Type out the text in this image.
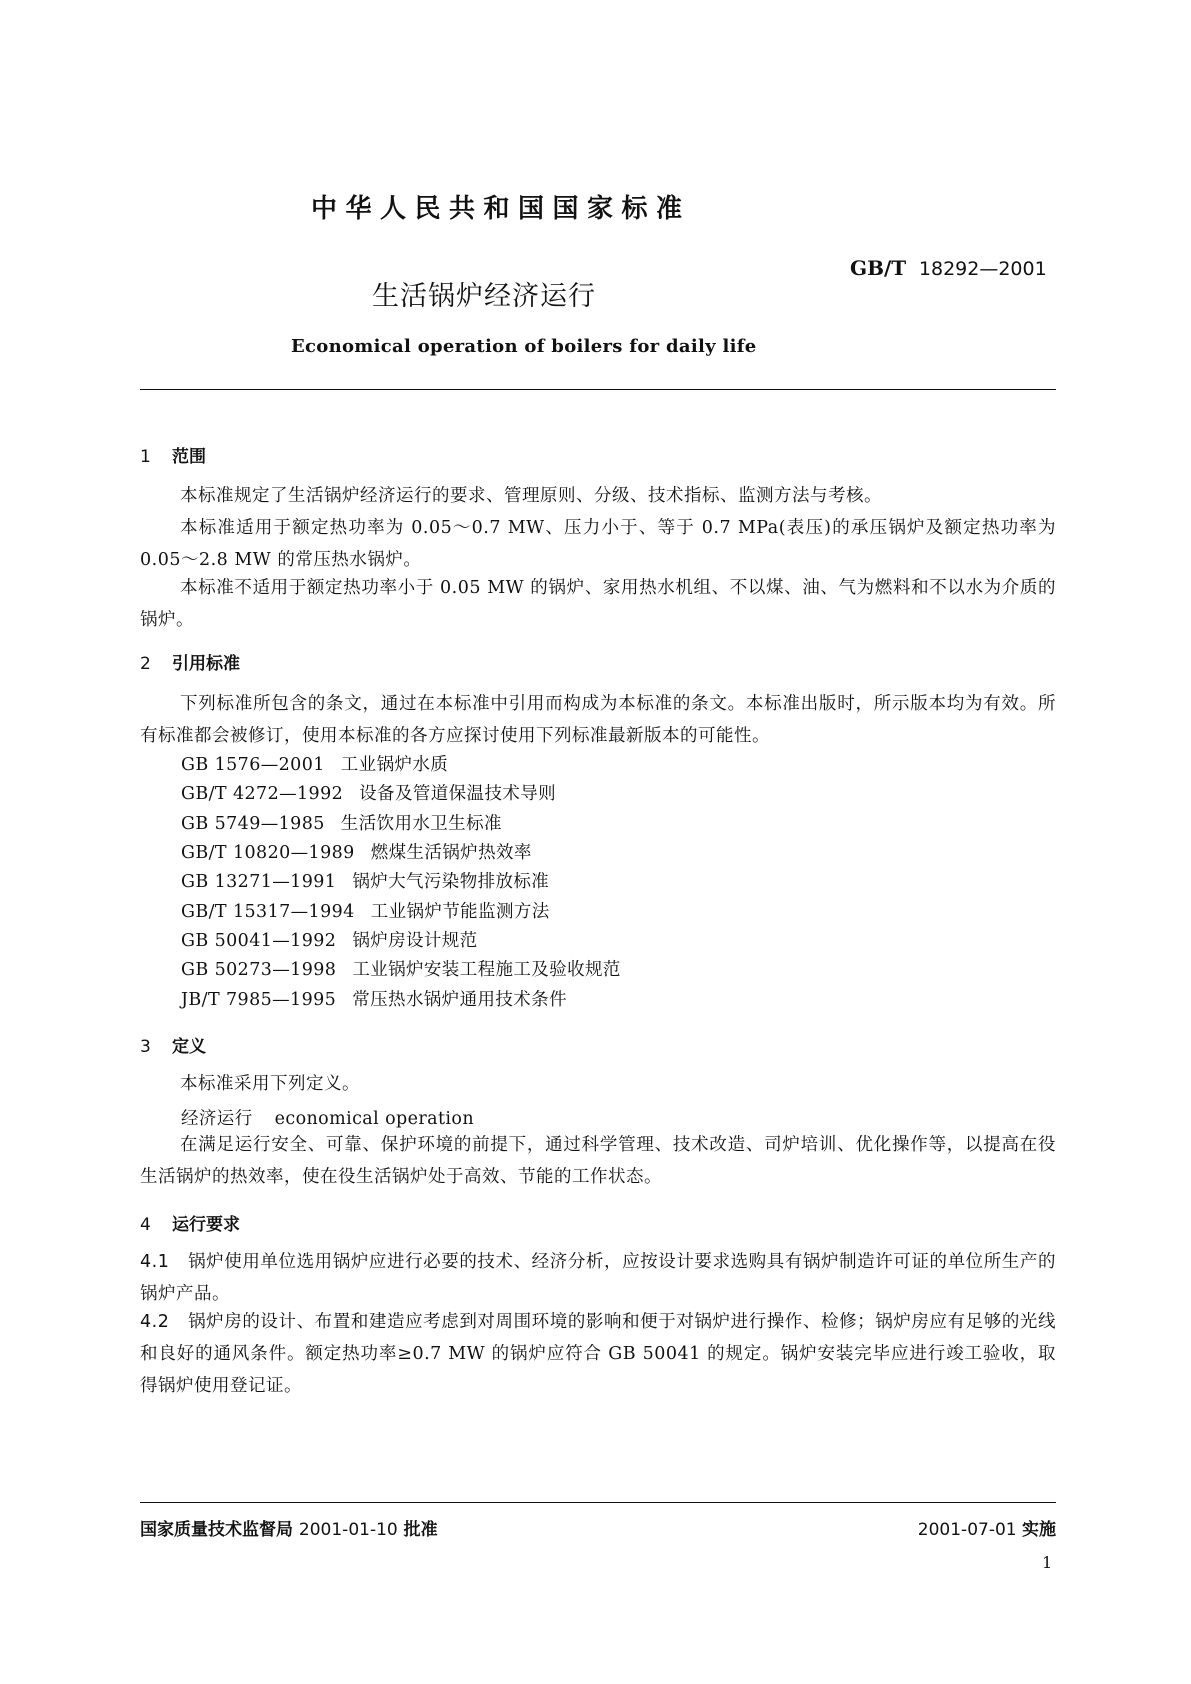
中华人民共和国国家标准
GB/T 18292—2001
生活锅炉经济运行
Economical operation of boilers for daily life
1 范围
本标准规定了生活锅炉经济运行的要求、管理原则、分级、技术指标、监测方法与考核。
本标准适用于额定热功率为 0.05～0.7 MW、压力小于、等于 0.7 MPa(表压)的承压锅炉及额定热功率为 0.05～2.8 MW 的常压热水锅炉。
本标准不适用于额定热功率小于 0.05 MW 的锅炉、家用热水机组、不以煤、油、气为燃料和不以水为介质的锅炉。
2 引用标准
下列标准所包含的条文，通过在本标准中引用而构成为本标准的条文。本标准出版时，所示版本均为有效。所有标准都会被修订，使用本标准的各方应探讨使用下列标准最新版本的可能性。
GB 1576—2001 工业锅炉水质
GB/T 4272—1992 设备及管道保温技术导则
GB 5749—1985 生活饮用水卫生标准
GB/T 10820—1989 燃煤生活锅炉热效率
GB 13271—1991 锅炉大气污染物排放标准
GB/T 15317—1994 工业锅炉节能监测方法
GB 50041—1992 锅炉房设计规范
GB 50273—1998 工业锅炉安装工程施工及验收规范
JB/T 7985—1995 常压热水锅炉通用技术条件
3 定义
本标准采用下列定义。
经济运行 economical operation
在满足运行安全、可靠、保护环境的前提下，通过科学管理、技术改造、司炉培训、优化操作等，以提高在役生活锅炉的热效率，使在役生活锅炉处于高效、节能的工作状态。
4 运行要求
4.1 锅炉使用单位选用锅炉应进行必要的技术、经济分析，应按设计要求选购具有锅炉制造许可证的单位所生产的锅炉产品。
4.2 锅炉房的设计、布置和建造应考虑到对周围环境的影响和便于对锅炉进行操作、检修；锅炉房应有足够的光线和良好的通风条件。额定热功率≥0.7 MW 的锅炉应符合 GB 50041 的规定。锅炉安装完毕应进行竣工验收，取得锅炉使用登记证。
国家质量技术监督局 2001-01-10 批准	2001-07-01 实施
1
